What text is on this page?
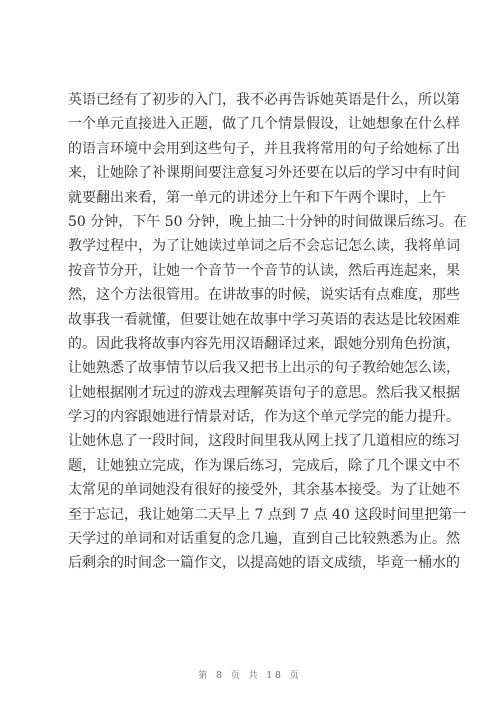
英语已经有了初步的入门，我不必再告诉她英语是什么，所以第
一个单元直接进入正题，做了几个情景假设，让她想象在什么样
的语言环境中会用到这些句子，并且我将常用的句子给她标了出
来，让她除了补课期间要注意复习外还要在以后的学习中有时间
就要翻出来看，第一单元的讲述分上午和下午两个课时，上午
50 分钟，下午 50 分钟，晚上抽二十分钟的时间做课后练习。在
教学过程中，为了让她读过单词之后不会忘记怎么读，我将单词
按音节分开，让她一个音节一个音节的认读，然后再连起来，果
然，这个方法很管用。在讲故事的时候，说实话有点难度，那些
故事我一看就懂，但要让她在故事中学习英语的表达是比较困难
的。因此我将故事内容先用汉语翻译过来，跟她分别角色扮演，
让她熟悉了故事情节以后我又把书上出示的句子教给她怎么读，
让她根据刚才玩过的游戏去理解英语句子的意思。然后我又根据
学习的内容跟她进行情景对话，作为这个单元学完的能力提升。
让她休息了一段时间，这段时间里我从网上找了几道相应的练习
题，让她独立完成，作为课后练习，完成后，除了几个课文中不
太常见的单词她没有很好的接受外，其余基本接受。为了让她不
至于忘记，我让她第二天早上 7 点到 7 点 40 这段时间里把第一
天学过的单词和对话重复的念几遍，直到自己比较熟悉为止。然
后剩余的时间念一篇作文，以提高她的语文成绩，毕竟一桶水的
第 8 页 共 18 页
